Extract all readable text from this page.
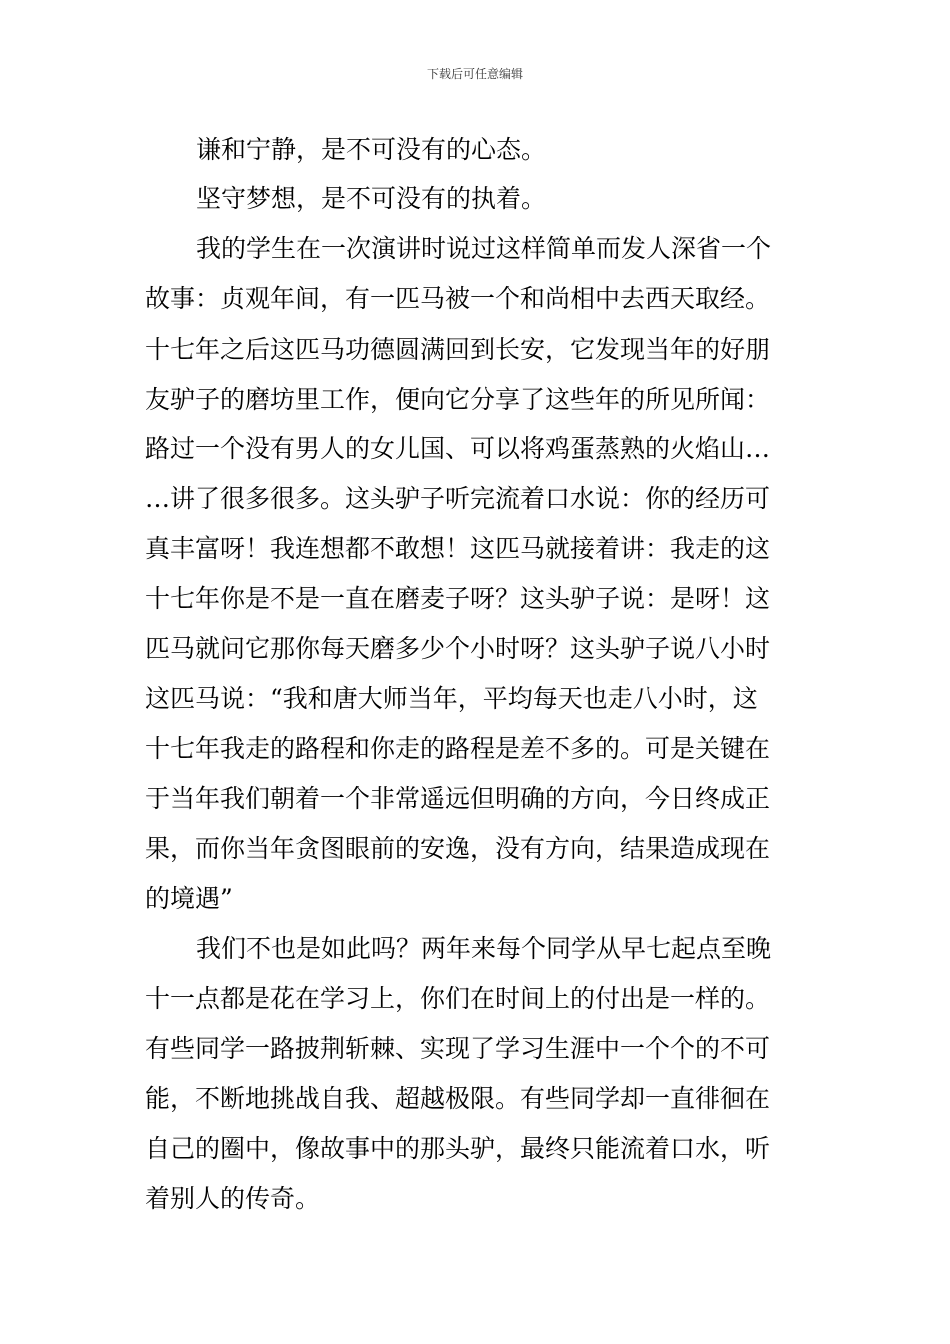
下载后可任意编辑
谦和宁静，是不可没有的心态。
坚守梦想，是不可没有的执着。
我的学生在一次演讲时说过这样简单而发人深省一个
故事：贞观年间，有一匹马被一个和尚相中去西天取经。
十七年之后这匹马功德圆满回到长安，它发现当年的好朋
友驴子的磨坊里工作，便向它分享了这些年的所见所闻：
路过一个没有男人的女儿国、可以将鸡蛋蒸熟的火焰山…
…讲了很多很多。这头驴子听完流着口水说：你的经历可
真丰富呀！我连想都不敢想！这匹马就接着讲：我走的这
十七年你是不是一直在磨麦子呀？这头驴子说：是呀！这
匹马就问它那你每天磨多少个小时呀？这头驴子说八小时
这匹马说：“我和唐大师当年，平均每天也走八小时，这
十七年我走的路程和你走的路程是差不多的。可是关键在
于当年我们朝着一个非常遥远但明确的方向，今日终成正
果，而你当年贪图眼前的安逸，没有方向，结果造成现在
的境遇”
我们不也是如此吗？两年来每个同学从早七起点至晚
十一点都是花在学习上，你们在时间上的付出是一样的。
有些同学一路披荆斩棘、实现了学习生涯中一个个的不可
能，不断地挑战自我、超越极限。有些同学却一直徘徊在
自己的圈中，像故事中的那头驴，最终只能流着口水，听
着别人的传奇。
